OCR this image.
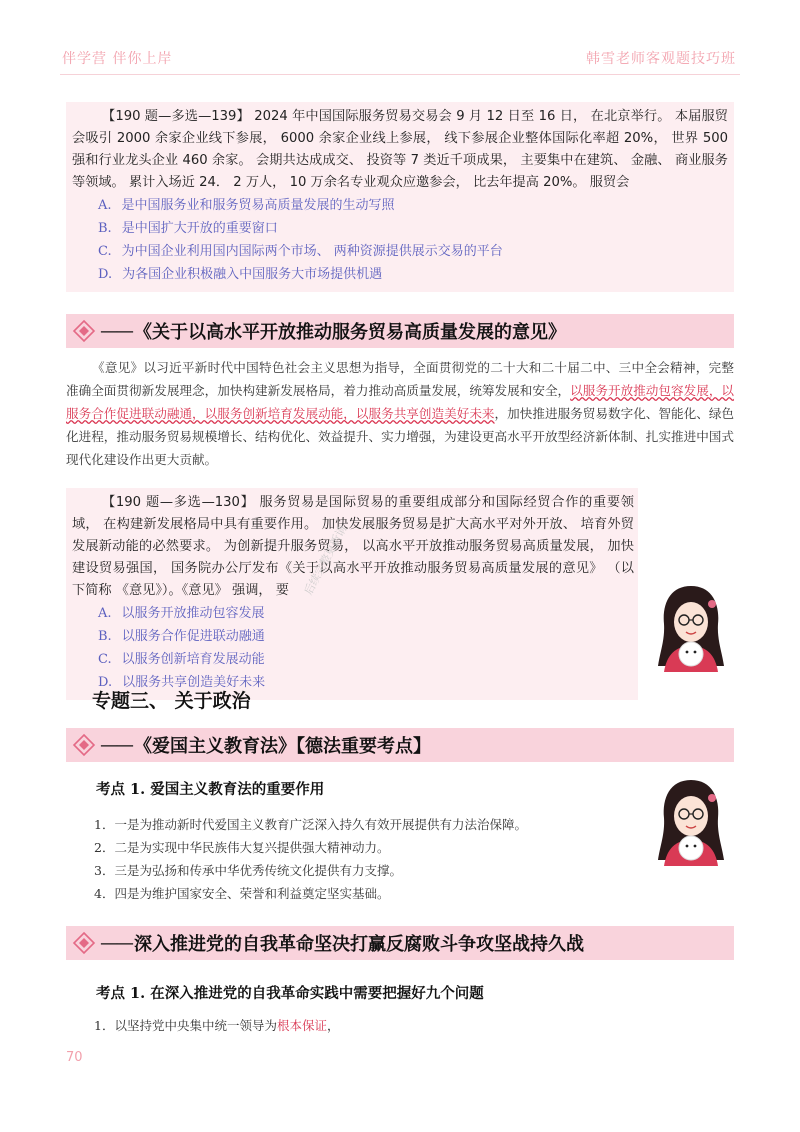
伴学营 伴你上岸	韩雪老师客观题技巧班

【190 题—多选—139】 2024 年中国国际服务贸易交易会 9 月 12 日至 16 日， 在北京举行。 本届服贸会吸引 2000 余家企业线下参展， 6000 余家企业线上参展， 线下参展企业整体国际化率超 20%， 世界 500 强和行业龙头企业 460 余家。 会期共达成成交、 投资等 7 类近千项成果， 主要集中在建筑、 金融、 商业服务等领域。 累计入场近 24． 2 万人， 10 万余名专业观众应邀参会， 比去年提高 20%。 服贸会

A. 是中国服务业和服务贸易高质量发展的生动写照
B. 是中国扩大开放的重要窗口
C. 为中国企业利用国内国际两个市场、 两种资源提供展示交易的平台
D. 为各国企业积极融入中国服务大市场提供机遇
—— 《关于以高水平开放推动服务贸易高质量发展的意见》

《意见》以习近平新时代中国特色社会主义思想为指导，全面贯彻党的二十大和二十届二中、三中全会精神，完整准确全面贯彻新发展理念，加快构建新发展格局，着力推动高质量发展，统筹发展和安全，以服务开放推动包容发展，以服务合作促进联动融通，以服务创新培育发展动能，以服务共享创造美好未来，加快推进服务贸易数字化、智能化、绿色化进程，推动服务贸易规模增长、结构优化、效益提升、实力增强，为建设更高水平开放型经济新体制、扎实推进中国式现代化建设作出更大贡献。

【190 题—多选—130】 服务贸易是国际贸易的重要组成部分和国际经贸合作的重要领域， 在构建新发展格局中具有重要作用。 加快发展服务贸易是扩大高水平对外开放、 培育外贸发展新动能的必然要求。 为创新提升服务贸易， 以高水平开放推动服务贸易高质量发展， 加快建设贸易强国， 国务院办公厅发布《关于以高水平开放推动服务贸易高质量发展的意见》 （以下简称 《意见》）。《意见》 强调， 要

A. 以服务开放推动包容发展
B. 以服务合作促进联动融通
C. 以服务创新培育发展动能
D. 以服务共享创造美好未来
后续完整更新请
专题三、 关于政治
—— 《爱国主义教育法》【德法重要考点】
考点 1. 爱国主义教育法的重要作用
1．一是为推动新时代爱国主义教育广泛深入持久有效开展提供有力法治保障。
2．二是为实现中华民族伟大复兴提供强大精神动力。
3．三是为弘扬和传承中华优秀传统文化提供有力支撑。
4．四是为维护国家安全、荣誉和利益奠定坚实基础。
—— 深入推进党的自我革命坚决打赢反腐败斗争攻坚战持久战
考点 1. 在深入推进党的自我革命实践中需要把握好九个问题
1．以坚持党中央集中统一领导为根本保证，
70
